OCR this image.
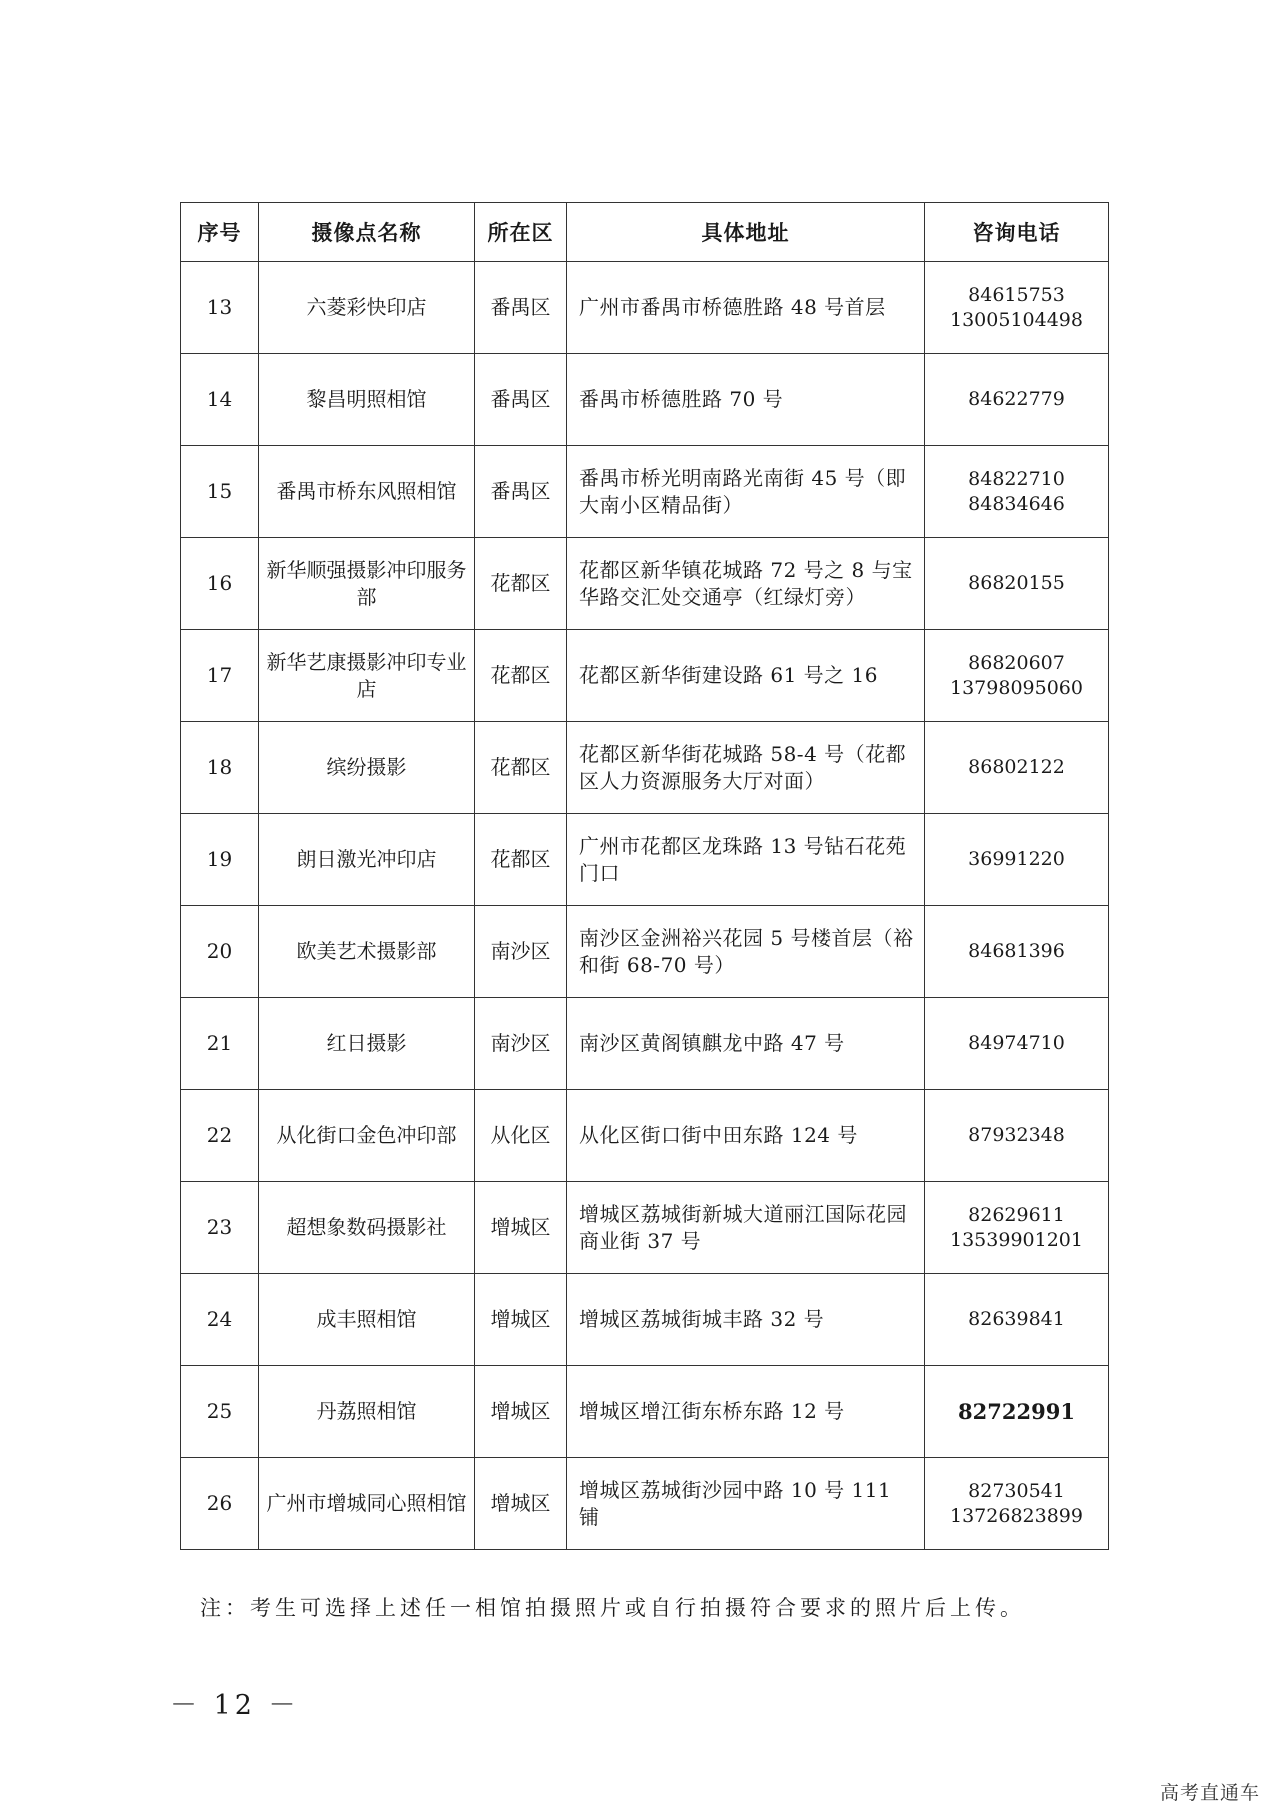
序号	摄像点名称	所在区	具体地址	咨询电话
13	六菱彩快印店	番禺区	广州市番禺市桥德胜路 48 号首层	84615753
13005104498

14	黎昌明照相馆	番禺区	番禺市桥德胜路 70 号	84622779

15	番禺市桥东风照相馆	番禺区	番禺市桥光明南路光南街 45 号（即大南小区精品街）	84822710
84834646

16	新华顺强摄影冲印服务部	花都区	花都区新华镇花城路 72 号之 8 与宝华路交汇处交通亭（红绿灯旁）	86820155

17	新华艺康摄影冲印专业店	花都区	花都区新华街建设路 61 号之 16	86820607
13798095060

18	缤纷摄影	花都区	花都区新华街花城路 58-4 号（花都区人力资源服务大厅对面）	86802122

19	朗日激光冲印店	花都区	广州市花都区龙珠路 13 号钻石花苑门口	36991220

20	欧美艺术摄影部	南沙区	南沙区金洲裕兴花园 5 号楼首层（裕和街 68-70 号）	84681396

21	红日摄影	南沙区	南沙区黄阁镇麒龙中路 47 号	84974710

22	从化街口金色冲印部	从化区	从化区街口街中田东路 124 号	87932348

23	超想象数码摄影社	增城区	增城区荔城街新城大道丽江国际花园商业街 37 号	82629611
13539901201

24	成丰照相馆	增城区	增城区荔城街城丰路 32 号	82639841

25	丹荔照相馆	增城区	增城区增江街东桥东路 12 号	82722991

26	广州市增城同心照相馆	增城区	增城区荔城街沙园中路 10 号 111 铺	82730541
13726823899
注：考生可选择上述任一相馆拍摄照片或自行拍摄符合要求的照片后上传。
－ 12 －
高考直通车
